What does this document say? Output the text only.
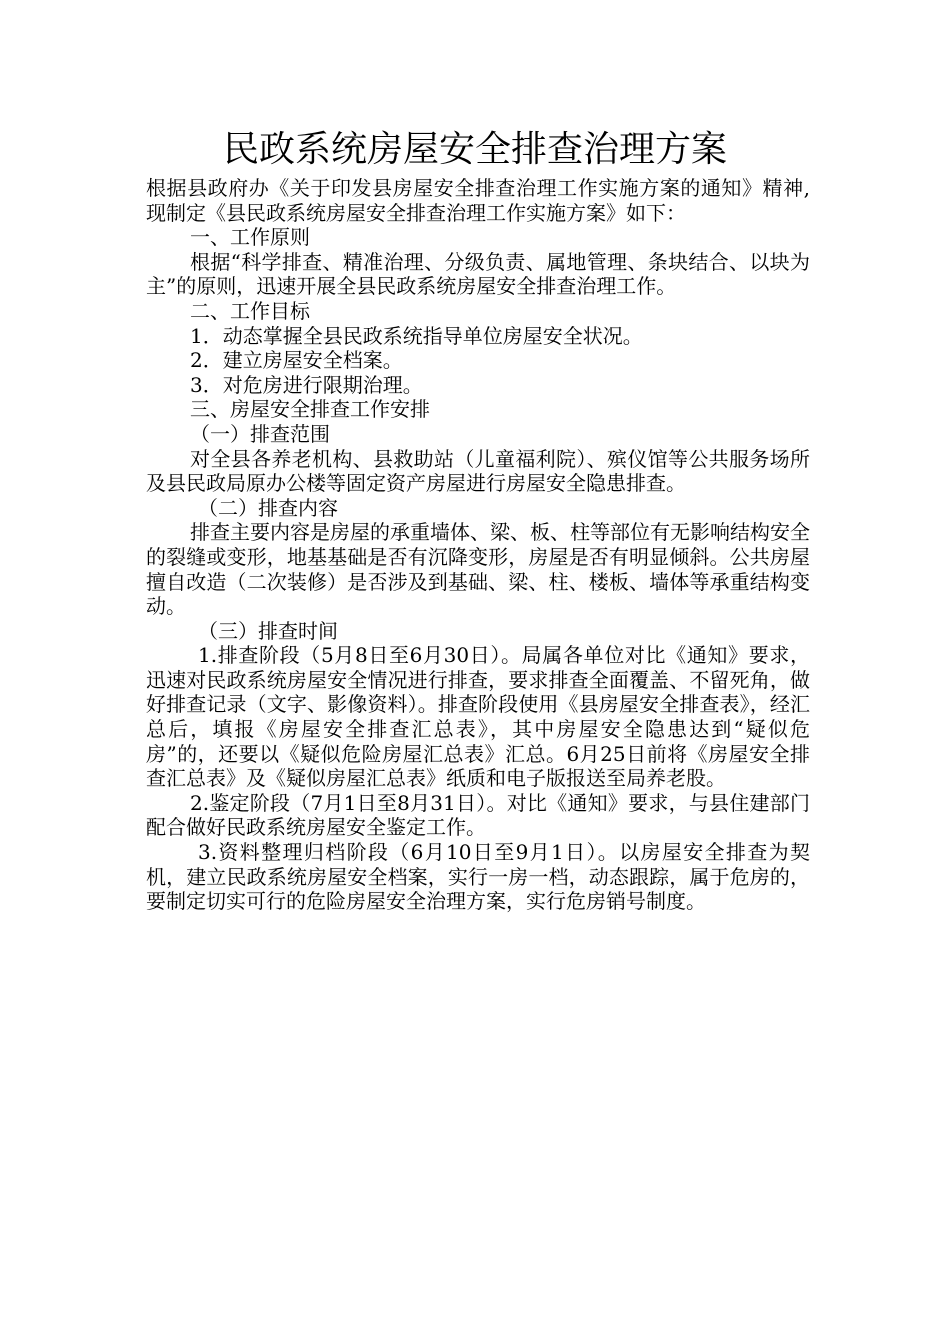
民政系统房屋安全排查治理方案

根据县政府办《关于印发县房屋安全排查治理工作实施方案的通知》精神,现制定《县民政系统房屋安全排查治理工作实施方案》如下：

一、工作原则

根据“科学排查、精准治理、分级负责、属地管理、条块结合、以块为主”的原则，迅速开展全县民政系统房屋安全排查治理工作。

二、工作目标

1．动态掌握全县民政系统指导单位房屋安全状况。

2．建立房屋安全档案。

3．对危房进行限期治理。

三、房屋安全排查工作安排

（一）排查范围

对全县各养老机构、县救助站（儿童福利院）、殡仪馆等公共服务场所及县民政局原办公楼等固定资产房屋进行房屋安全隐患排查。

（二）排查内容

排查主要内容是房屋的承重墙体、梁、板、柱等部位有无影响结构安全的裂缝或变形，地基基础是否有沉降变形，房屋是否有明显倾斜。公共房屋擅自改造（二次装修）是否涉及到基础、梁、柱、楼板、墙体等承重结构变动。

（三）排查时间

1.排查阶段（5月8日至6月30日）。局属各单位对比《通知》要求，迅速对民政系统房屋安全情况进行排查，要求排查全面覆盖、不留死角，做好排查记录（文字、影像资料）。排查阶段使用《县房屋安全排查表》，经汇总后，填报《房屋安全排查汇总表》，其中房屋安全隐患达到“疑似危房”的，还要以《疑似危险房屋汇总表》汇总。6月25日前将《房屋安全排查汇总表》及《疑似房屋汇总表》纸质和电子版报送至局养老股。

2.鉴定阶段（7月1日至8月31日）。对比《通知》要求，与县住建部门配合做好民政系统房屋安全鉴定工作。

3.资料整理归档阶段（6月10日至9月1日）。以房屋安全排查为契机，建立民政系统房屋安全档案，实行一房一档，动态跟踪，属于危房的，要制定切实可行的危险房屋安全治理方案，实行危房销号制度。
